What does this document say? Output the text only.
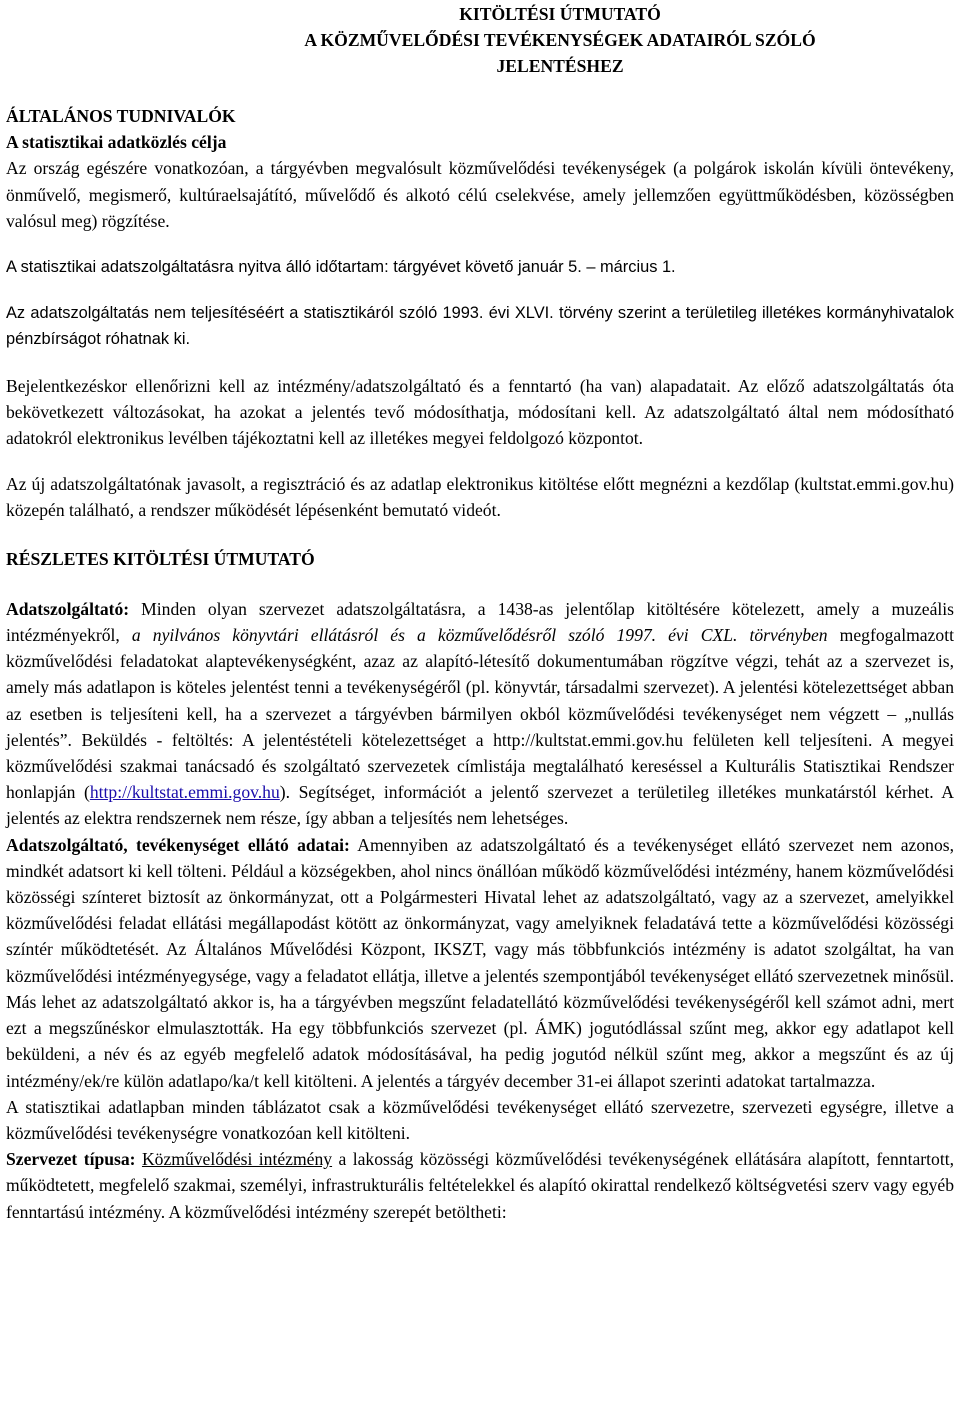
KITÖLTÉSI ÚTMUTATÓ
A KÖZMŰVELŐDÉSI TEVÉKENYSÉGEK ADATAIRÓL SZÓLÓ
JELENTÉSHEZ
ÁLTALÁNOS TUDNIVALÓK
A statisztikai adatközlés célja

Az ország egészére vonatkozóan, a tárgyévben megvalósult közművelődési tevékenységek (a polgárok iskolán kívüli öntevékeny, önművelő, megismerő, kultúraelsajátító, művelődő és alkotó célú cselekvése, amely jellemzően együttműködésben, közösségben valósul meg) rögzítése.

A statisztikai adatszolgáltatásra nyitva álló időtartam: tárgyévet követő január 5. – március 1.

Az adatszolgáltatás nem teljesítéséért a statisztikáról szóló 1993. évi XLVI. törvény szerint a területileg illetékes kormányhivatalok pénzbírságot róhatnak ki.

Bejelentkezéskor ellenőrizni kell az intézmény/adatszolgáltató és a fenntartó (ha van) alapadatait. Az előző adatszolgáltatás óta bekövetkezett változásokat, ha azokat a jelentés tevő módosíthatja, módosítani kell. Az adatszolgáltató által nem módosítható adatokról elektronikus levélben tájékoztatni kell az illetékes megyei feldolgozó központot.

Az új adatszolgáltatónak javasolt, a regisztráció és az adatlap elektronikus kitöltése előtt megnézni a kezdőlap (kultstat.emmi.gov.hu) közepén található, a rendszer működését lépésenként bemutató videót.

RÉSZLETES KITÖLTÉSI ÚTMUTATÓ

Adatszolgáltató: Minden olyan szervezet adatszolgáltatásra, a 1438-as jelentőlap kitöltésére kötelezett, amely a muzeális intézményekről, a nyilvános könyvtári ellátásról és a közművelődésről szóló 1997. évi CXL. törvényben megfogalmazott közművelődési feladatokat alaptevékenységként, azaz az alapító-létesítő dokumentumában rögzítve végzi, tehát az a szervezet is, amely más adatlapon is köteles jelentést tenni a tevékenységéről (pl. könyvtár, társadalmi szervezet). A jelentési kötelezettséget abban az esetben is teljesíteni kell, ha a szervezet a tárgyévben bármilyen okból közművelődési tevékenységet nem végzett – „nullás jelentés”. Beküldés - feltöltés: A jelentéstételi kötelezettséget a http://kultstat.emmi.gov.hu felületen kell teljesíteni. A megyei közművelődési szakmai tanácsadó és szolgáltató szervezetek címlistája megtalálható kereséssel a Kulturális Statisztikai Rendszer honlapján (http://kultstat.emmi.gov.hu). Segítséget, információt a jelentő szervezet a területileg illetékes munkatárstól kérhet. A jelentés az elektra rendszernek nem része, így abban a teljesítés nem lehetséges.

Adatszolgáltató, tevékenységet ellátó adatai: Amennyiben az adatszolgáltató és a tevékenységet ellátó szervezet nem azonos, mindkét adatsort ki kell tölteni. Például a községekben, ahol nincs önállóan működő közművelődési intézmény, hanem közművelődési közösségi színteret biztosít az önkormányzat, ott a Polgármesteri Hivatal lehet az adatszolgáltató, vagy az a szervezet, amelyikkel közművelődési feladat ellátási megállapodást kötött az önkormányzat, vagy amelyiknek feladatává tette a közművelődési közösségi színtér működtetését. Az Általános Művelődési Központ, IKSZT, vagy más többfunkciós intézmény is adatot szolgáltat, ha van közművelődési intézményegysége, vagy a feladatot ellátja, illetve a jelentés szempontjából tevékenységet ellátó szervezetnek minősül. Más lehet az adatszolgáltató akkor is, ha a tárgyévben megszűnt feladatellátó közművelődési tevékenységéről kell számot adni, mert ezt a megszűnéskor elmulasztották. Ha egy többfunkciós szervezet (pl. ÁMK) jogutódlással szűnt meg, akkor egy adatlapot kell beküldeni, a név és az egyéb megfelelő adatok módosításával, ha pedig jogutód nélkül szűnt meg, akkor a megszűnt és az új intézmény/ek/re külön adatlapo/ka/t kell kitölteni. A jelentés a tárgyév december 31-ei állapot szerinti adatokat tartalmazza.

A statisztikai adatlapban minden táblázatot csak a közművelődési tevékenységet ellátó szervezetre, szervezeti egységre, illetve a közművelődési tevékenységre vonatkozóan kell kitölteni.

Szervezet típusa: Közművelődési intézmény a lakosság közösségi közművelődési tevékenységének ellátására alapított, fenntartott, működtetett, megfelelő szakmai, személyi, infrastrukturális feltételekkel és alapító okirattal rendelkező költségvetési szerv vagy egyéb fenntartású intézmény. A közművelődési intézmény szerepét betöltheti:
